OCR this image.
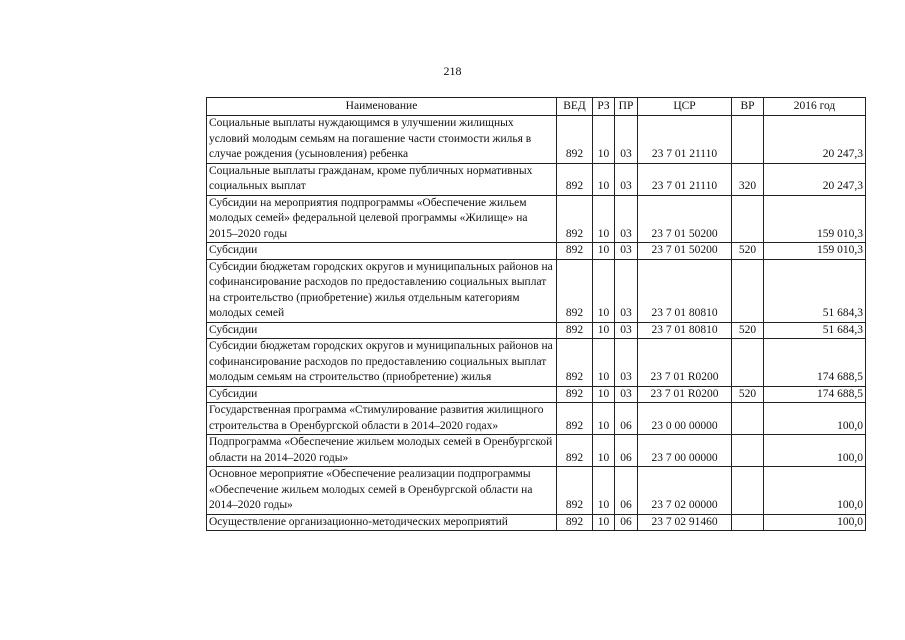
218
Наименование	ВЕД	РЗ	ПР	ЦСР	ВР	2016 год
Социальные выплаты нуждающимся в улучшении жилищных условий молодым семьям на погашение части стоимости жилья в случае рождения (усыновления) ребенка	892	10	03	23 7 01 21110		20 247,3
Социальные выплаты гражданам, кроме публичных нормативных социальных выплат	892	10	03	23 7 01 21110	320	20 247,3
Субсидии на мероприятия подпрограммы «Обеспечение жильем молодых семей» федеральной целевой программы «Жилище» на 2015–2020 годы	892	10	03	23 7 01 50200		159 010,3
Субсидии	892	10	03	23 7 01 50200	520	159 010,3
Субсидии бюджетам городских округов и муниципальных районов на софинансирование расходов по предоставлению социальных выплат на строительство (приобретение) жилья отдельным категориям молодых семей	892	10	03	23 7 01 80810		51 684,3
Субсидии	892	10	03	23 7 01 80810	520	51 684,3
Субсидии бюджетам городских округов и муниципальных районов на софинансирование расходов по предоставлению социальных выплат молодым семьям на строительство (приобретение) жилья	892	10	03	23 7 01 R0200		174 688,5
Субсидии	892	10	03	23 7 01 R0200	520	174 688,5
Государственная программа «Стимулирование развития жилищного строительства в Оренбургской области в 2014–2020 годах»	892	10	06	23 0 00 00000		100,0
Подпрограмма «Обеспечение жильем молодых семей в Оренбургской области на 2014–2020 годы»	892	10	06	23 7 00 00000		100,0
Основное мероприятие «Обеспечение реализации подпрограммы «Обеспечение жильем молодых семей в Оренбургской области на 2014–2020 годы»	892	10	06	23 7 02 00000		100,0
Осуществление организационно-методических мероприятий	892	10	06	23 7 02 91460		100,0
